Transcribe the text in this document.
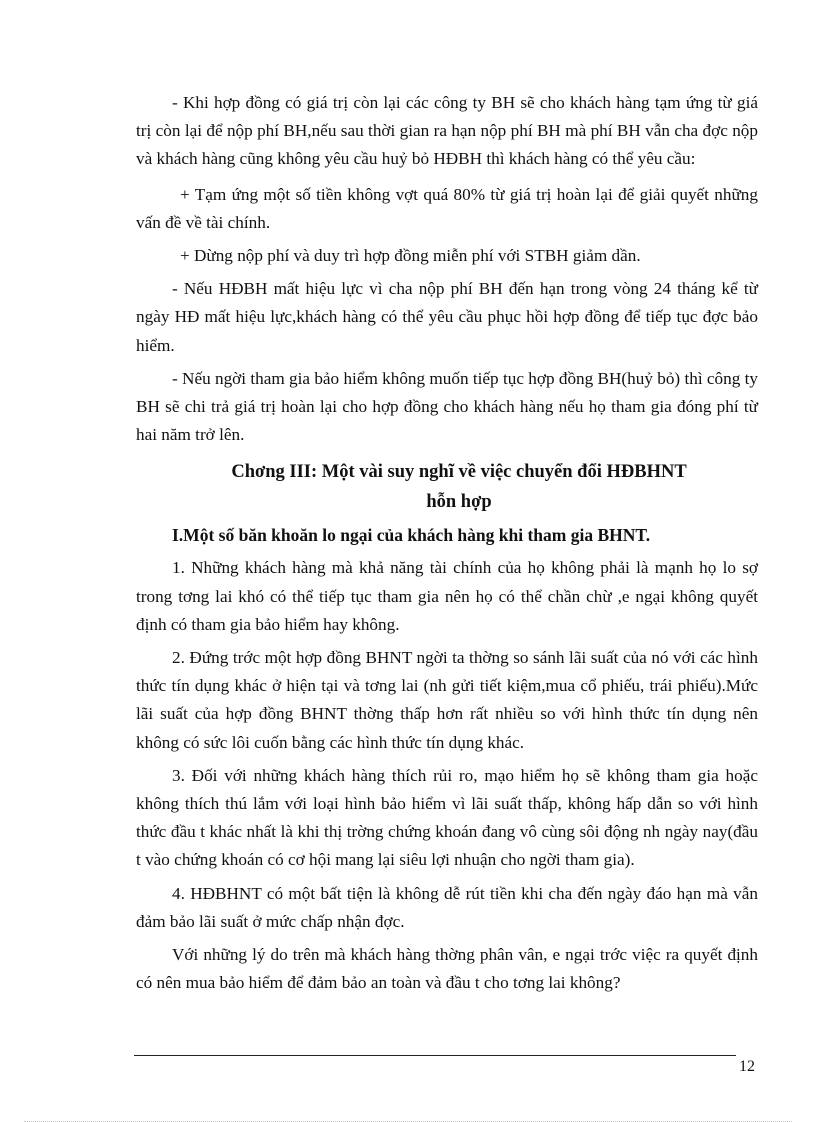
- Khi hợp đồng có giá trị còn lại các công ty BH sẽ cho khách hàng tạm ứng từ giá trị còn lại để nộp phí BH,nếu sau thời gian ra hạn nộp phí BH mà phí BH vẫn cha đợc nộp và khách hàng cũng không yêu cầu huỷ bỏ HĐBH thì khách hàng có thể yêu cầu:

+ Tạm ứng một số tiền không vợt quá 80% từ giá trị hoàn lại để giải quyết những vấn đề về tài chính.

+ Dừng nộp phí và duy trì hợp đồng miễn phí với STBH giảm dần.

- Nếu HĐBH mất hiệu lực vì cha nộp phí BH đến hạn trong vòng 24 tháng kể từ ngày HĐ mất hiệu lực,khách hàng có thể yêu cầu phục hồi hợp đồng để tiếp tục đợc bảo hiểm.

- Nếu ngời tham gia bảo hiểm không muốn tiếp tục hợp đồng BH(huỷ bỏ) thì công ty BH sẽ chi trả giá trị hoàn lại cho hợp đồng cho khách hàng nếu họ tham gia đóng phí từ hai năm trở lên.

Chơng III: Một vài suy nghĩ về việc chuyển đổi HĐBHNT
hỗn hợp
I.Một số băn khoăn lo ngại của khách hàng khi tham gia BHNT.

1. Những khách hàng mà khả năng tài chính của họ không phải là mạnh họ lo sợ trong tơng lai khó có thể tiếp tục tham gia nên họ có thể chần chừ ,e ngại không quyết định có tham gia bảo hiểm hay không.

2. Đứng trớc một hợp đồng BHNT ngời ta thờng so sánh lãi suất của nó với các hình thức tín dụng khác ở hiện tại và tơng lai (nh gửi tiết kiệm,mua cổ phiếu, trái phiếu).Mức lãi suất của hợp đồng BHNT thờng thấp hơn rất nhiều so với hình thức tín dụng nên không có sức lôi cuốn bằng các hình thức tín dụng khác.

3. Đối với những khách hàng thích rủi ro, mạo hiểm họ sẽ không tham gia hoặc không thích thú lắm với loại hình bảo hiểm vì lãi suất thấp, không hấp dẫn so với hình thức đầu t khác nhất là khi thị trờng chứng khoán đang vô cùng sôi động nh ngày nay(đầu t vào chứng khoán có cơ hội mang lại siêu lợi nhuận cho ngời tham gia).

4. HĐBHNT có một bất tiện là không dễ rút tiền khi cha đến ngày đáo hạn mà vẫn đảm bảo lãi suất ở mức chấp nhận đợc.

Với những lý do trên mà khách hàng thờng phân vân, e ngại trớc việc ra quyết định có nên mua bảo hiểm để đảm bảo an toàn và đầu t cho tơng lai không?

12
